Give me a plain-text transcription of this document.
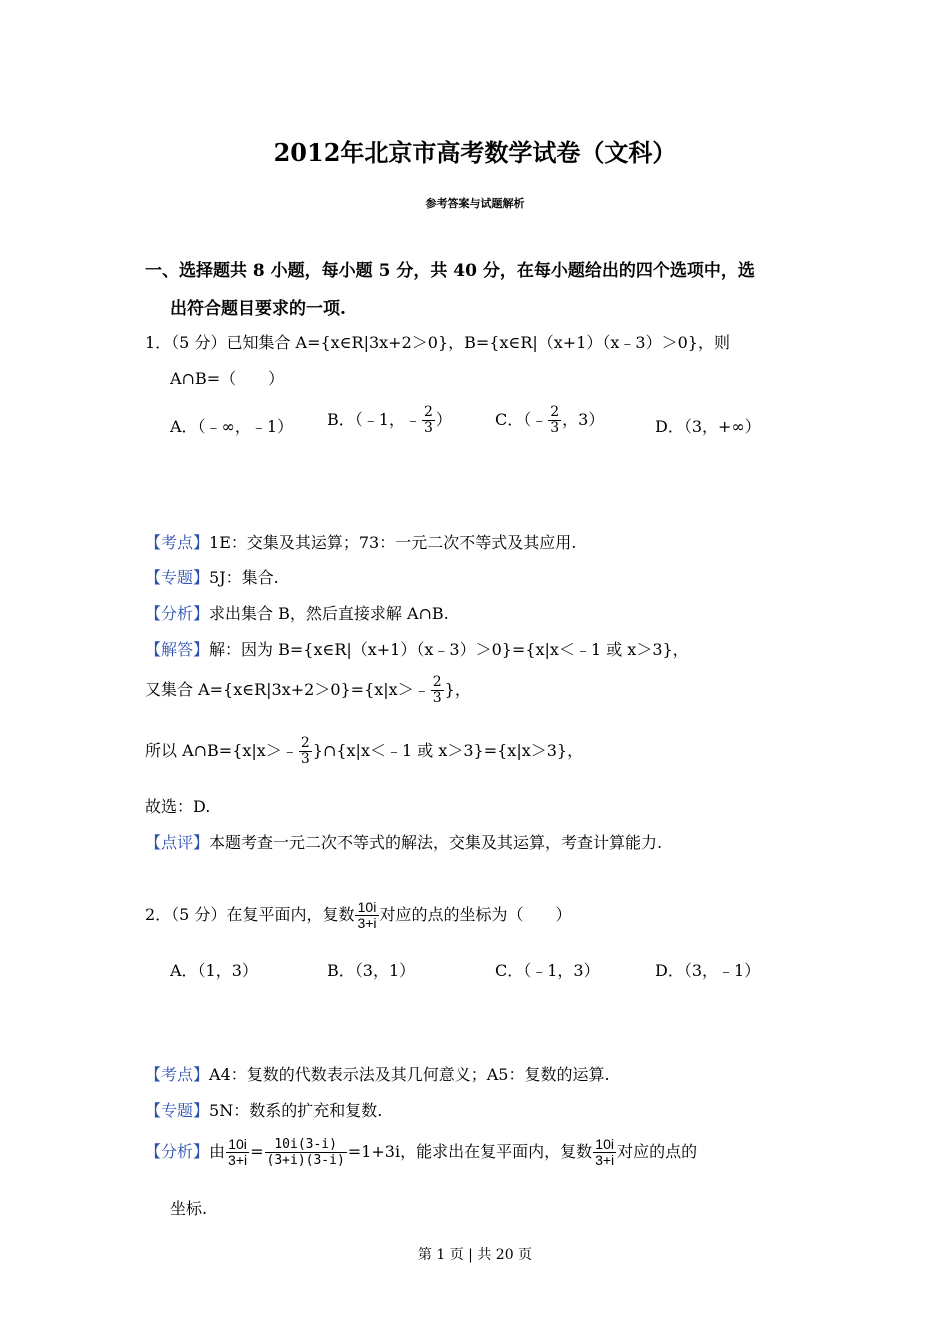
2012年北京市高考数学试卷（文科）
参考答案与试题解析
一、选择题共 8 小题，每小题 5 分，共 40 分，在每小题给出的四个选项中，选
出符合题目要求的一项.
1．（5 分）已知集合 A={x∈R|3x+2＞0}，B={x∈R|（x+1）（x﹣3）＞0}，则
A∩B=（　　）
A．（﹣∞，﹣1） B．（﹣1，﹣ $\frac{2}{3}$ ）	C．（﹣ $\frac{2}{3}$ ，3）	D．（3，+∞）
【考点】1E：交集及其运算；73：一元二次不等式及其应用.
【专题】5J：集合.
【分析】求出集合 B，然后直接求解 A∩B.
【解答】解：因为 B={x∈R|（x+1）（x﹣3）＞0}={x|x＜﹣1 或 x＞3}，
又集合 A={x∈R|3x+2＞0}={x|x＞﹣ $\frac{2}{3}$ }，
所以 A∩B={x|x＞﹣ $\frac{2}{3}$ }∩{x|x＜﹣1 或 x＞3}={x|x＞3}，
故选：D.
【点评】本题考查一元二次不等式的解法，交集及其运算，考查计算能力.
2．（5 分）在复平面内，复数 $\frac{10i}{3+i}$ 对应的点的坐标为（　　）
A．（1，3）	B．（3，1）	C．（﹣1，3）	D．（3，﹣1）
【考点】A4：复数的代数表示法及其几何意义；A5：复数的运算.
【专题】5N：数系的扩充和复数.
【分析】由 $\frac{10i}{3+i} = \frac{10i(3-i)}{(3+i)(3-i)} =1+3i$，能求出在复平面内，复数 $\frac{10i}{3+i}$ 对应的点的
坐标.
第 1 页 | 共 20 页
